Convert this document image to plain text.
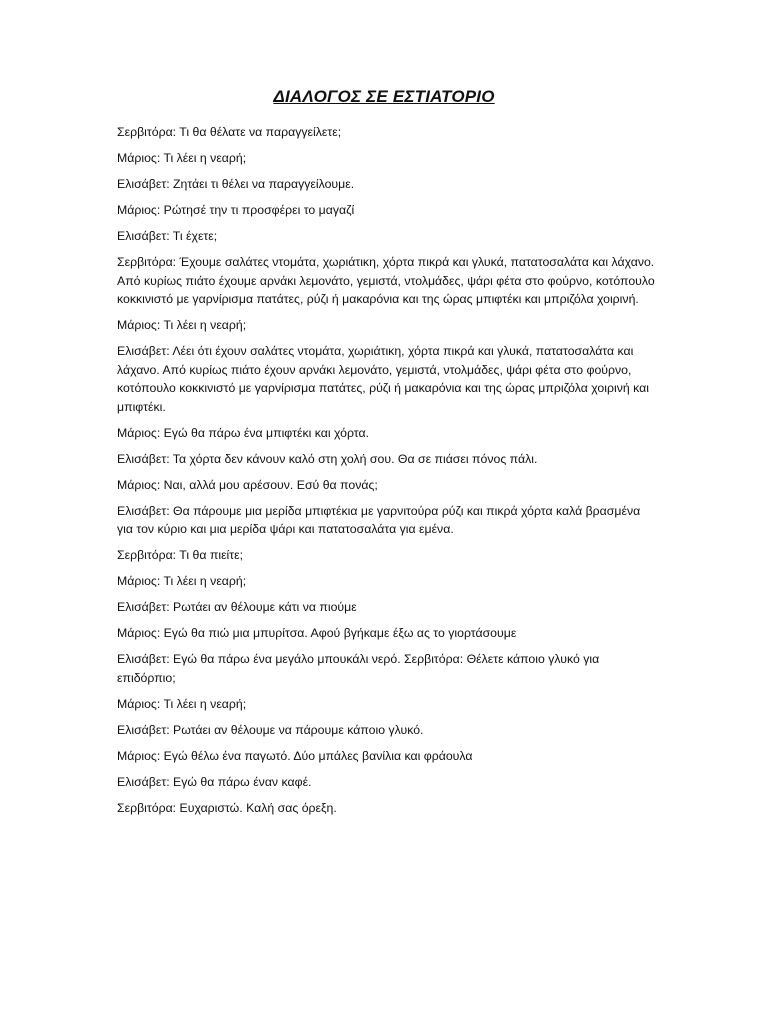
ΔΙΑΛΟΓΟΣ ΣΕ ΕΣΤΙΑΤΟΡΙΟ

Σερβιτόρα: Τι θα θέλατε να παραγγείλετε;

Μάριος: Τι λέει η νεαρή;

Ελισάβετ: Ζητάει τι θέλει να παραγγείλουμε.

Μάριος: Ρώτησέ την τι προσφέρει το μαγαζί

Ελισάβετ: Τι έχετε;

Σερβιτόρα: Έχουμε σαλάτες ντομάτα, χωριάτικη, χόρτα πικρά και γλυκά, πατατοσαλάτα και λάχανο. Από κυρίως πιάτο έχουμε αρνάκι λεμονάτο, γεμιστά, ντολμάδες, ψάρι φέτα στο φούρνο, κοτόπουλο κοκκινιστό με γαρνίρισμα πατάτες, ρύζι ή μακαρόνια και της ώρας μπιφτέκι και μπριζόλα χοιρινή.

Μάριος: Τι λέει η νεαρή;

Ελισάβετ: Λέει ότι έχουν σαλάτες ντομάτα, χωριάτικη, χόρτα πικρά και γλυκά, πατατοσαλάτα και λάχανο. Από κυρίως πιάτο έχουν αρνάκι λεμονάτο, γεμιστά, ντολμάδες, ψάρι φέτα στο φούρνο, κοτόπουλο κοκκινιστό με γαρνίρισμα πατάτες, ρύζι ή μακαρόνια και της ώρας μπριζόλα χοιρινή και μπιφτέκι.

Μάριος: Εγώ θα πάρω ένα μπιφτέκι και χόρτα.

Ελισάβετ: Τα χόρτα δεν κάνουν καλό στη χολή σου. Θα σε πιάσει πόνος πάλι.

Μάριος: Ναι, αλλά μου αρέσουν. Εσύ θα πονάς;

Ελισάβετ: Θα πάρουμε μια μερίδα μπιφτέκια με γαρνιτούρα ρύζι και πικρά χόρτα καλά βρασμένα για τον κύριο και μια μερίδα ψάρι και πατατοσαλάτα για εμένα.

Σερβιτόρα: Τι θα πιείτε;

Μάριος: Τι λέει η νεαρή;

Ελισάβετ: Ρωτάει αν θέλουμε κάτι να πιούμε

Μάριος: Εγώ θα πιώ μια μπυρίτσα. Αφού βγήκαμε έξω ας το γιορτάσουμε

Ελισάβετ: Εγώ θα πάρω ένα μεγάλο μπουκάλι νερό. Σερβιτόρα: Θέλετε κάποιο γλυκό για επιδόρπιο;

Μάριος: Τι λέει η νεαρή;

Ελισάβετ: Ρωτάει αν θέλουμε να πάρουμε κάποιο γλυκό.

Μάριος: Εγώ θέλω ένα παγωτό. Δύο μπάλες βανίλια και φράουλα

Ελισάβετ: Εγώ θα πάρω έναν καφέ.

Σερβιτόρα: Ευχαριστώ. Καλή σας όρεξη.
